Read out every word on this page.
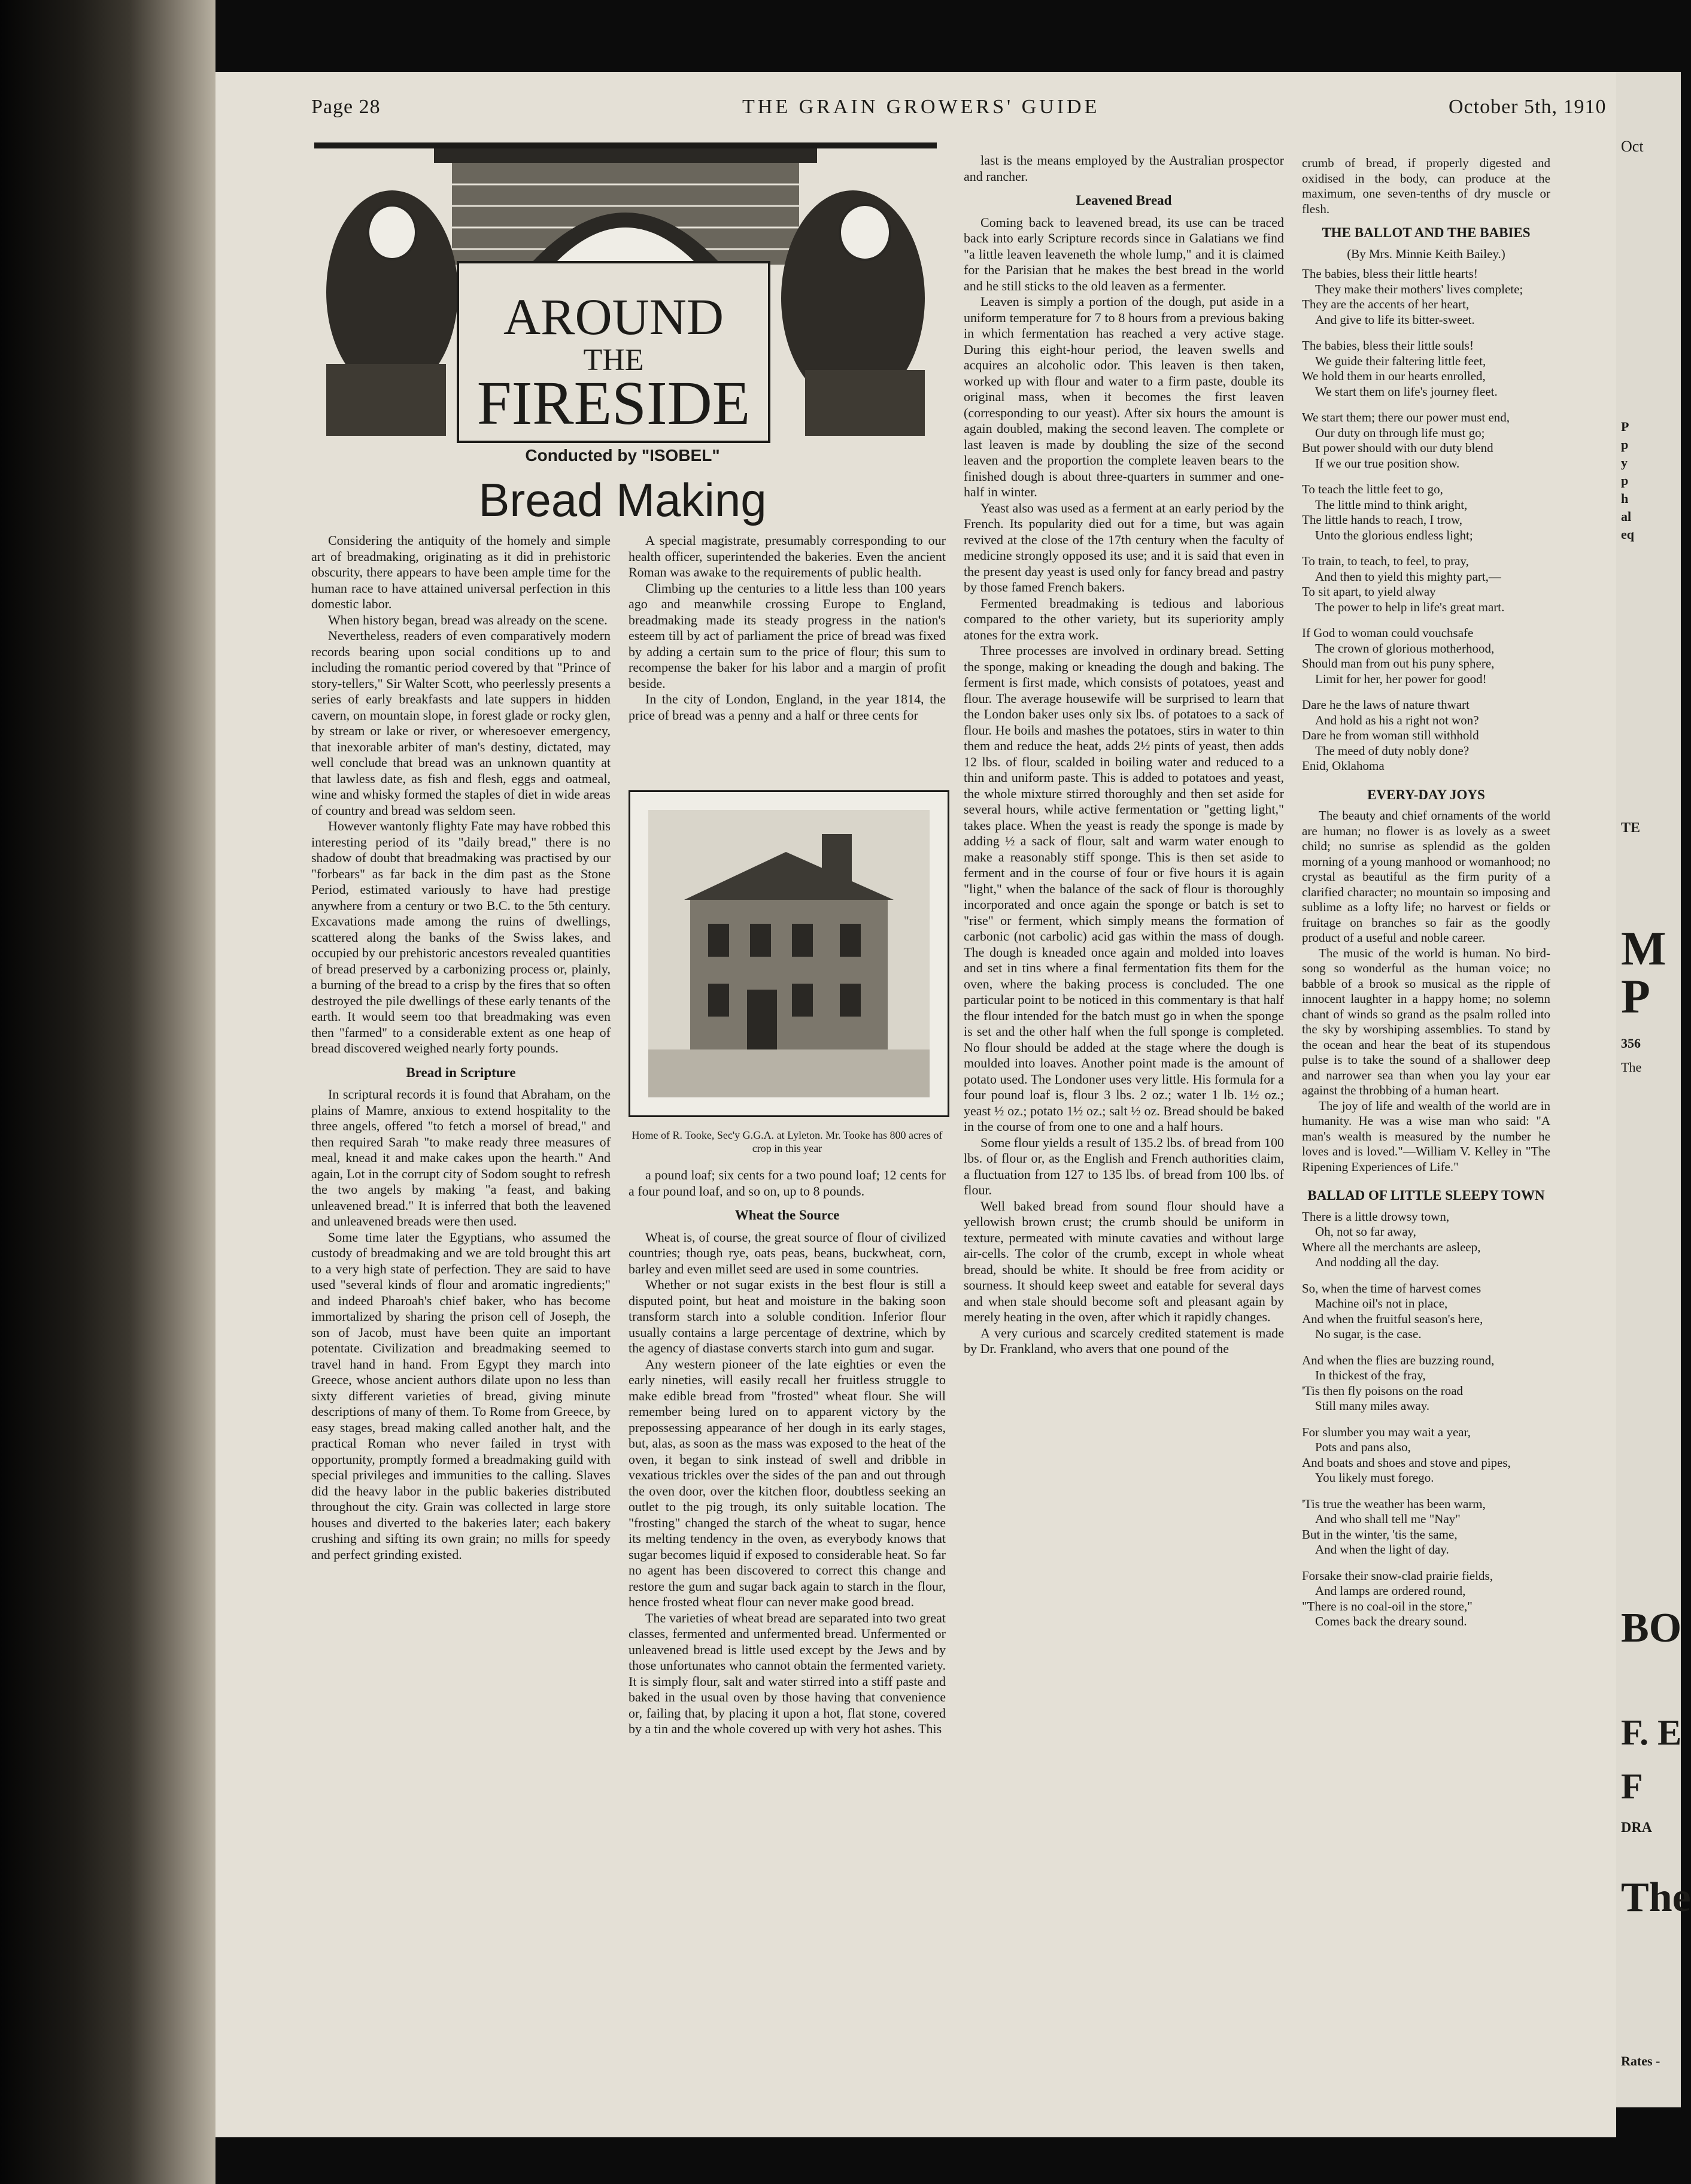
Page 28	THE GRAIN GROWERS' GUIDE	October 5th, 1910
AROUND
THE
FIRESIDE
Conducted by "ISOBEL"
Bread Making

Considering the antiquity of the homely and simple art of breadmaking, originating as it did in prehistoric obscurity, there appears to have been ample time for the human race to have attained universal perfection in this domestic labor.

When history began, bread was already on the scene.

Nevertheless, readers of even comparatively modern records bearing upon social conditions up to and including the romantic period covered by that "Prince of story-tellers," Sir Walter Scott, who peerlessly presents a series of early breakfasts and late suppers in hidden cavern, on mountain slope, in forest glade or rocky glen, by stream or lake or river, or wheresoever emergency, that inexorable arbiter of man's destiny, dictated, may well conclude that bread was an unknown quantity at that lawless date, as fish and flesh, eggs and oatmeal, wine and whisky formed the staples of diet in wide areas of country and bread was seldom seen.

However wantonly flighty Fate may have robbed this interesting period of its "daily bread," there is no shadow of doubt that breadmaking was practised by our "forbears" as far back in the dim past as the Stone Period, estimated variously to have had prestige anywhere from a century or two B.C. to the 5th century. Excavations made among the ruins of dwellings, scattered along the banks of the Swiss lakes, and occupied by our prehistoric ancestors revealed quantities of bread preserved by a carbonizing process or, plainly, a burning of the bread to a crisp by the fires that so often destroyed the pile dwellings of these early tenants of the earth. It would seem too that breadmaking was even then "farmed" to a considerable extent as one heap of bread discovered weighed nearly forty pounds.

Bread in Scripture

In scriptural records it is found that Abraham, on the plains of Mamre, anxious to extend hospitality to the three angels, offered "to fetch a morsel of bread," and then required Sarah "to make ready three measures of meal, knead it and make cakes upon the hearth." And again, Lot in the corrupt city of Sodom sought to refresh the two angels by making "a feast, and baking unleavened bread." It is inferred that both the leavened and unleavened breads were then used.

Some time later the Egyptians, who assumed the custody of breadmaking and we are told brought this art to a very high state of perfection. They are said to have used "several kinds of flour and aromatic ingredients;" and indeed Pharoah's chief baker, who has become immortalized by sharing the prison cell of Joseph, the son of Jacob, must have been quite an important potentate. Civilization and breadmaking seemed to travel hand in hand. From Egypt they march into Greece, whose ancient authors dilate upon no less than sixty different varieties of bread, giving minute descriptions of many of them. To Rome from Greece, by easy stages, bread making called another halt, and the practical Roman who never failed in tryst with opportunity, promptly formed a breadmaking guild with special privileges and immunities to the calling. Slaves did the heavy labor in the public bakeries distributed throughout the city. Grain was collected in large store houses and diverted to the bakeries later; each bakery crushing and sifting its own grain; no mills for speedy and perfect grinding existed.

A special magistrate, presumably corresponding to our health officer, superintended the bakeries. Even the ancient Roman was awake to the requirements of public health.

Climbing up the centuries to a little less than 100 years ago and meanwhile crossing Europe to England, breadmaking made its steady progress in the nation's esteem till by act of parliament the price of bread was fixed by adding a certain sum to the price of flour; this sum to recompense the baker for his labor and a margin of profit beside.

In the city of London, England, in the year 1814, the price of bread was a penny and a half or three cents for

Home of R. Tooke, Sec'y G.G.A. at Lyleton. Mr. Tooke has 800 acres of crop in this year

a pound loaf; six cents for a two pound loaf; 12 cents for a four pound loaf, and so on, up to 8 pounds.

Wheat the Source

Wheat is, of course, the great source of flour of civilized countries; though rye, oats peas, beans, buckwheat, corn, barley and even millet seed are used in some countries.

Whether or not sugar exists in the best flour is still a disputed point, but heat and moisture in the baking soon transform starch into a soluble condition. Inferior flour usually contains a large percentage of dextrine, which by the agency of diastase converts starch into gum and sugar.

Any western pioneer of the late eighties or even the early nineties, will easily recall her fruitless struggle to make edible bread from "frosted" wheat flour. She will remember being lured on to apparent victory by the prepossessing appearance of her dough in its early stages, but, alas, as soon as the mass was exposed to the heat of the oven, it began to sink instead of swell and dribble in vexatious trickles over the sides of the pan and out through the oven door, over the kitchen floor, doubtless seeking an outlet to the pig trough, its only suitable location. The "frosting" changed the starch of the wheat to sugar, hence its melting tendency in the oven, as everybody knows that sugar becomes liquid if exposed to considerable heat. So far no agent has been discovered to correct this change and restore the gum and sugar back again to starch in the flour, hence frosted wheat flour can never make good bread.

The varieties of wheat bread are separated into two great classes, fermented and unfermented bread. Unfermented or unleavened bread is little used except by the Jews and by those unfortunates who cannot obtain the fermented variety. It is simply flour, salt and water stirred into a stiff paste and baked in the usual oven by those having that convenience or, failing that, by placing it upon a hot, flat stone, covered by a tin and the whole covered up with very hot ashes. This

last is the means employed by the Australian prospector and rancher.

Leavened Bread

Coming back to leavened bread, its use can be traced back into early Scripture records since in Galatians we find "a little leaven leaveneth the whole lump," and it is claimed for the Parisian that he makes the best bread in the world and he still sticks to the old leaven as a fermenter.

Leaven is simply a portion of the dough, put aside in a uniform temperature for 7 to 8 hours from a previous baking in which fermentation has reached a very active stage. During this eight-hour period, the leaven swells and acquires an alcoholic odor. This leaven is then taken, worked up with flour and water to a firm paste, double its original mass, when it becomes the first leaven (corresponding to our yeast). After six hours the amount is again doubled, making the second leaven. The complete or last leaven is made by doubling the size of the second leaven and the proportion the complete leaven bears to the finished dough is about three-quarters in summer and one-half in winter.

Yeast also was used as a ferment at an early period by the French. Its popularity died out for a time, but was again revived at the close of the 17th century when the faculty of medicine strongly opposed its use; and it is said that even in the present day yeast is used only for fancy bread and pastry by those famed French bakers.

Fermented breadmaking is tedious and laborious compared to the other variety, but its superiority amply atones for the extra work.

Three processes are involved in ordinary bread. Setting the sponge, making or kneading the dough and baking. The ferment is first made, which consists of potatoes, yeast and flour. The average housewife will be surprised to learn that the London baker uses only six lbs. of potatoes to a sack of flour. He boils and mashes the potatoes, stirs in water to thin them and reduce the heat, adds 2½ pints of yeast, then adds 12 lbs. of flour, scalded in boiling water and reduced to a thin and uniform paste. This is added to potatoes and yeast, the whole mixture stirred thoroughly and then set aside for several hours, while active fermentation or "getting light," takes place. When the yeast is ready the sponge is made by adding ½ a sack of flour, salt and warm water enough to make a reasonably stiff sponge. This is then set aside to ferment and in the course of four or five hours it is again "light," when the balance of the sack of flour is thoroughly incorporated and once again the sponge or batch is set to "rise" or ferment, which simply means the formation of carbonic (not carbolic) acid gas within the mass of dough. The dough is kneaded once again and molded into loaves and set in tins where a final fermentation fits them for the oven, where the baking process is concluded. The one particular point to be noticed in this commentary is that half the flour intended for the batch must go in when the sponge is set and the other half when the full sponge is completed. No flour should be added at the stage where the dough is moulded into loaves. Another point made is the amount of potato used. The Londoner uses very little. His formula for a four pound loaf is, flour 3 lbs. 2 oz.; water 1 lb. 1½ oz.; yeast ½ oz.; potato 1½ oz.; salt ½ oz. Bread should be baked in the course of from one to one and a half hours.

Some flour yields a result of 135.2 lbs. of bread from 100 lbs. of flour or, as the English and French authorities claim, a fluctuation from 127 to 135 lbs. of bread from 100 lbs. of flour.

Well baked bread from sound flour should have a yellowish brown crust; the crumb should be uniform in texture, permeated with minute cavaties and without large air-cells. The color of the crumb, except in whole wheat bread, should be white. It should be free from acidity or sourness. It should keep sweet and eatable for several days and when stale should become soft and pleasant again by merely heating in the oven, after which it rapidly changes.

A very curious and scarcely credited statement is made by Dr. Frankland, who avers that one pound of the

crumb of bread, if properly digested and oxidised in the body, can produce at the maximum, one seven-tenths of dry muscle or flesh.

THE BALLOT AND THE BABIES
(By Mrs. Minnie Keith Bailey.)
The babies, bless their little hearts!
They make their mothers' lives complete;
They are the accents of her heart,
And give to life its bitter-sweet.
The babies, bless their little souls!
We guide their faltering little feet,
We hold them in our hearts enrolled,
We start them on life's journey fleet.
We start them; there our power must end,
Our duty on through life must go;
But power should with our duty blend
If we our true position show.
To teach the little feet to go,
The little mind to think aright,
The little hands to reach, I trow,
Unto the glorious endless light;
To train, to teach, to feel, to pray,
And then to yield this mighty part,—
To sit apart, to yield alway
The power to help in life's great mart.
If God to woman could vouchsafe
The crown of glorious motherhood,
Should man from out his puny sphere,
Limit for her, her power for good!
Dare he the laws of nature thwart
And hold as his a right not won?
Dare he from woman still withhold
The meed of duty nobly done?
Enid, Oklahoma
EVERY-DAY JOYS

The beauty and chief ornaments of the world are human; no flower is as lovely as a sweet child; no sunrise as splendid as the golden morning of a young manhood or womanhood; no crystal as beautiful as the firm purity of a clarified character; no mountain so imposing and sublime as a lofty life; no harvest or fields or fruitage on branches so fair as the goodly product of a useful and noble career.

The music of the world is human. No bird-song so wonderful as the human voice; no babble of a brook so musical as the ripple of innocent laughter in a happy home; no solemn chant of winds so grand as the psalm rolled into the sky by worshiping assemblies. To stand by the ocean and hear the beat of its stupendous pulse is to take the sound of a shallower deep and narrower sea than when you lay your ear against the throbbing of a human heart.

The joy of life and wealth of the world are in humanity. He was a wise man who said: "A man's wealth is measured by the number he loves and is loved."—William V. Kelley in "The Ripening Experiences of Life."

BALLAD OF LITTLE SLEEPY TOWN
There is a little drowsy town,
Oh, not so far away,
Where all the merchants are asleep,
And nodding all the day.
So, when the time of harvest comes
Machine oil's not in place,
And when the fruitful season's here,
No sugar, is the case.
And when the flies are buzzing round,
In thickest of the fray,
'Tis then fly poisons on the road
Still many miles away.
For slumber you may wait a year,
Pots and pans also,
And boats and shoes and stove and pipes,
You likely must forego.
'Tis true the weather has been warm,
And who shall tell me "Nay"
But in the winter, 'tis the same,
And when the light of day.
Forsake their snow-clad prairie fields,
And lamps are ordered round,
"There is no coal-oil in the store,"
Comes back the dreary sound.
Oct
P
p
y
p
h
al
eq
TE
M
P
356
The
BO
F. E
F
DRA
The
Rates -
